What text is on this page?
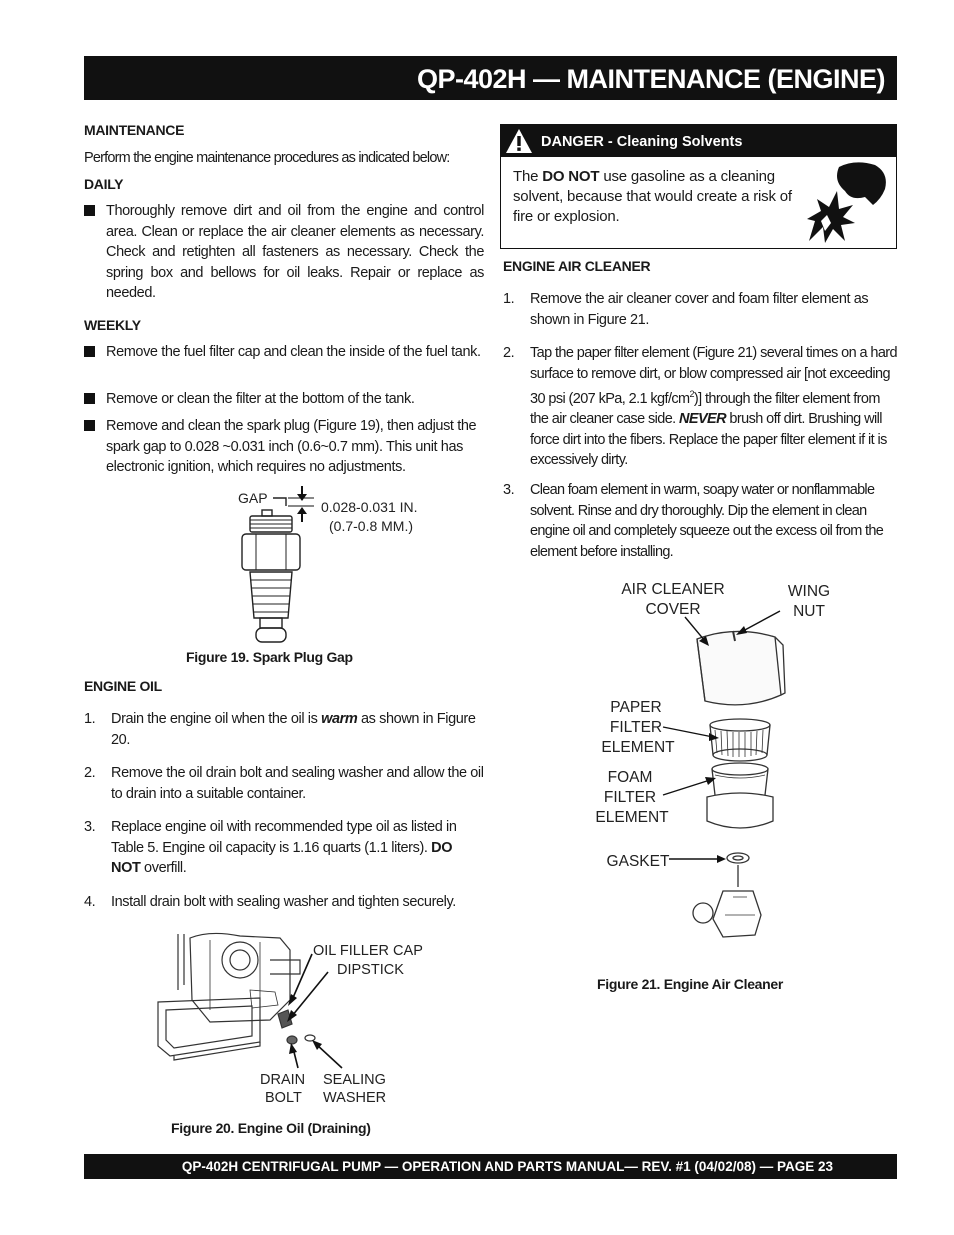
QP-402H — MAINTENANCE (ENGINE)
MAINTENANCE
Perform the engine maintenance procedures as indicated below:
DAILY
Thoroughly remove dirt and oil from the engine and control area. Clean or replace the air cleaner elements as necessary. Check and retighten all fasteners as necessary. Check the spring box and bellows for oil leaks. Repair or replace as needed.
WEEKLY
Remove the fuel filter cap and clean the inside of the fuel tank.
Remove or clean the filter at the bottom of the tank.
Remove and clean the spark plug (Figure 19), then adjust the spark gap to 0.028 ~0.031 inch (0.6~0.7 mm). This unit has electronic ignition, which requires no adjustments.
GAP
0.028-0.031 IN.
(0.7-0.8 MM.)
Figure 19. Spark Plug Gap
ENGINE OIL
1.	Drain the engine oil when the oil is warm as shown in Figure 20.
2.	Remove the oil drain bolt and sealing washer and allow the oil to drain into a suitable container.
3.	Replace engine oil with recommended type oil as listed in Table 5. Engine oil capacity is 1.16 quarts (1.1 liters). DO NOT overfill.
4.	Install drain bolt with sealing washer and tighten securely.
OIL FILLER CAP
DIPSTICK
DRAIN
BOLT
SEALING
WASHER
Figure 20. Engine Oil (Draining)
DANGER - Cleaning Solvents
The DO NOT use gasoline as a cleaning solvent, because that would create a risk of fire or explosion.
ENGINE AIR CLEANER
1.	Remove the air cleaner cover and foam filter element as shown in Figure 21.
2.	Tap the paper filter element (Figure 21) several times on a hard surface to remove dirt, or blow compressed air [not exceeding 30 psi (207 kPa, 2.1 kgf/$cm^2$)] through the filter element from the air cleaner case side. NEVER brush off dirt. Brushing will force dirt into the fibers. Replace the paper filter element if it is excessively dirty.
3.	Clean foam element in warm, soapy water or nonflammable solvent. Rinse and dry thoroughly. Dip the element in clean engine oil and completely squeeze out the excess oil from the element before installing.
AIR CLEANER
COVER
WING
NUT
PAPER
FILTER
ELEMENT
FOAM
FILTER
ELEMENT
GASKET
Figure 21. Engine Air Cleaner
QP-402H CENTRIFUGAL PUMP — OPERATION AND PARTS MANUAL— REV. #1 (04/02/08) — PAGE 23
